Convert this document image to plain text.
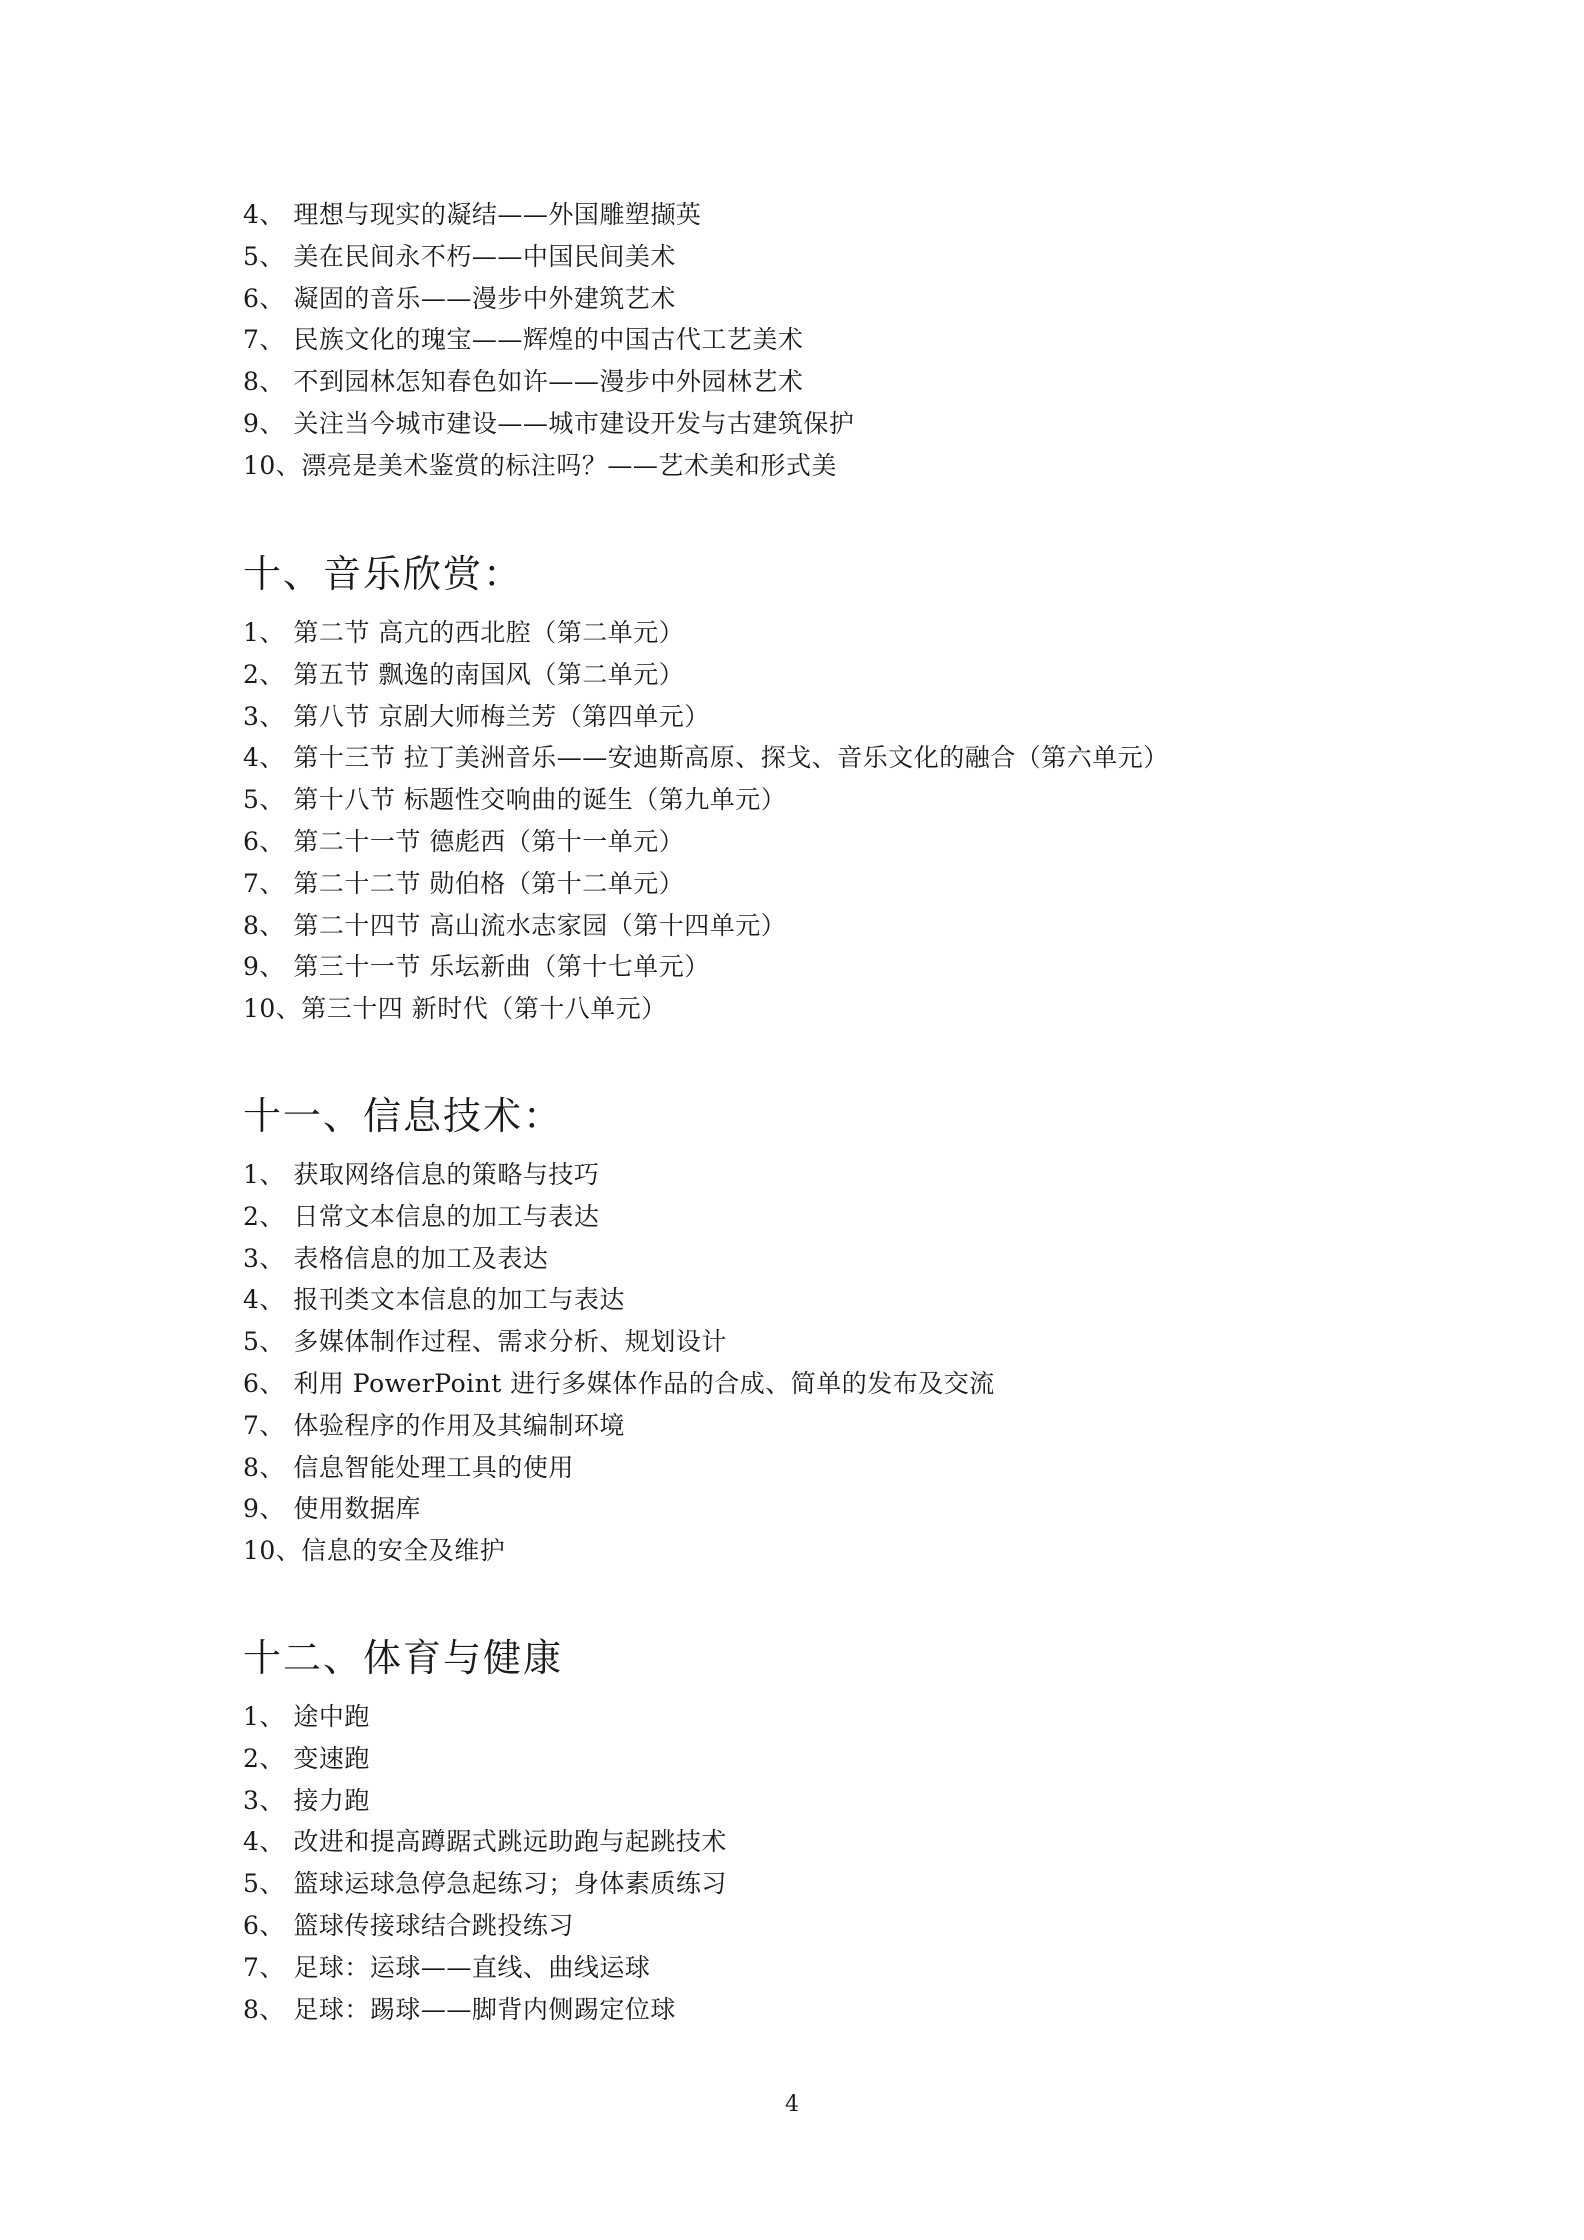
4、 理想与现实的凝结——外国雕塑撷英
5、 美在民间永不朽——中国民间美术
6、 凝固的音乐——漫步中外建筑艺术
7、 民族文化的瑰宝——辉煌的中国古代工艺美术
8、 不到园林怎知春色如许——漫步中外园林艺术
9、 关注当今城市建设——城市建设开发与古建筑保护
10、漂亮是美术鉴赏的标注吗？——艺术美和形式美
十、音乐欣赏：
1、 第二节 高亢的西北腔（第二单元）
2、 第五节 飘逸的南国风（第二单元）
3、 第八节 京剧大师梅兰芳（第四单元）
4、 第十三节 拉丁美洲音乐——安迪斯高原、探戈、音乐文化的融合（第六单元）
5、 第十八节 标题性交响曲的诞生（第九单元）
6、 第二十一节 德彪西（第十一单元）
7、 第二十二节 勋伯格（第十二单元）
8、 第二十四节 高山流水志家园（第十四单元）
9、 第三十一节 乐坛新曲（第十七单元）
10、第三十四 新时代（第十八单元）
十一、信息技术：
1、 获取网络信息的策略与技巧
2、 日常文本信息的加工与表达
3、 表格信息的加工及表达
4、 报刊类文本信息的加工与表达
5、 多媒体制作过程、需求分析、规划设计
6、 利用 PowerPoint 进行多媒体作品的合成、简单的发布及交流
7、 体验程序的作用及其编制环境
8、 信息智能处理工具的使用
9、 使用数据库
10、信息的安全及维护
十二、体育与健康
1、 途中跑
2、 变速跑
3、 接力跑
4、 改进和提高蹲踞式跳远助跑与起跳技术
5、 篮球运球急停急起练习；身体素质练习
6、 篮球传接球结合跳投练习
7、 足球：运球——直线、曲线运球
8、 足球：踢球——脚背内侧踢定位球
4
